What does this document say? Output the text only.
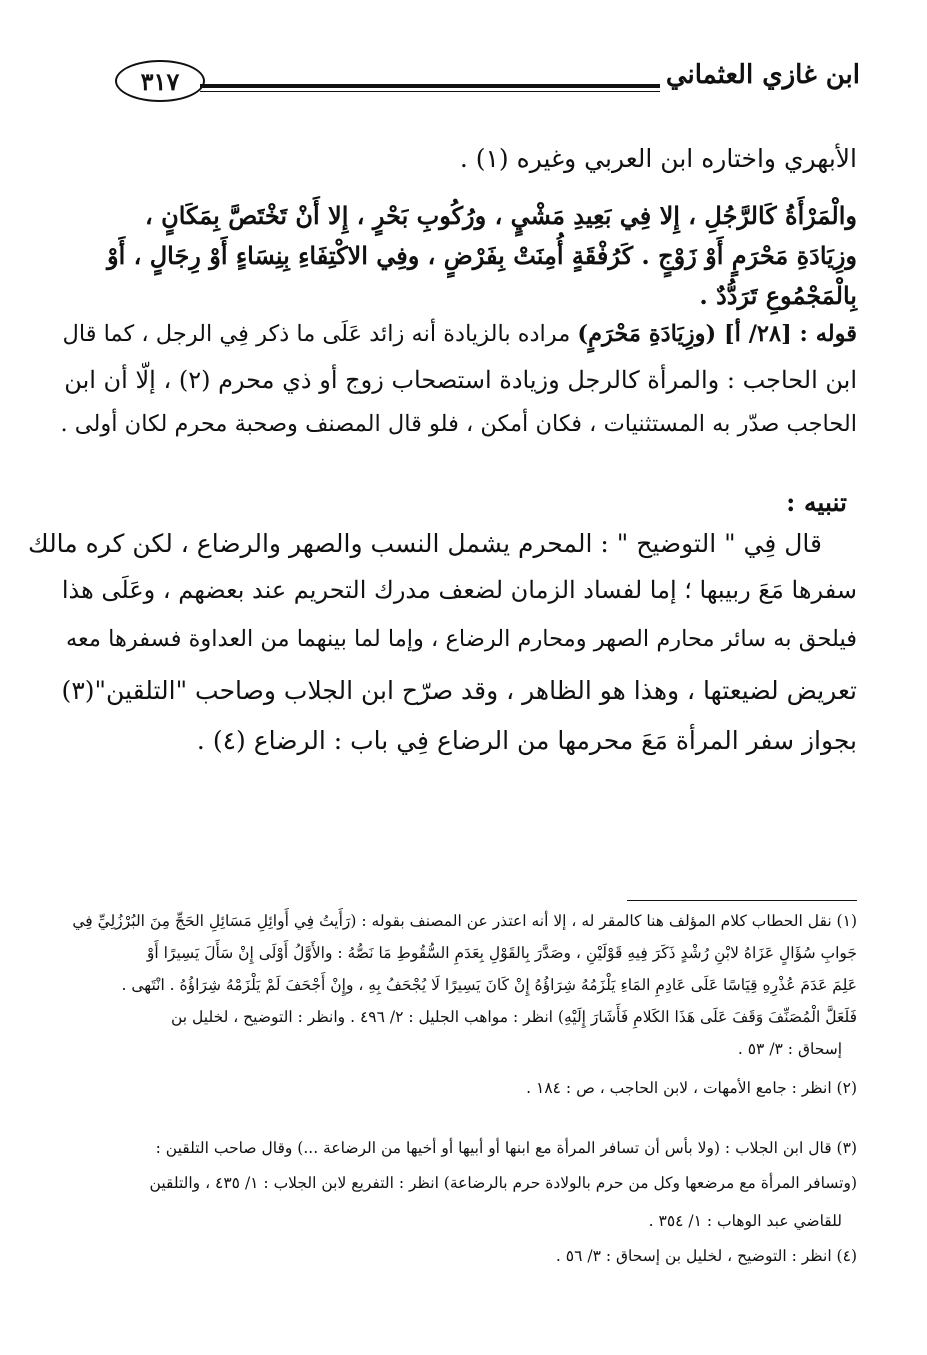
ابن غازي العثماني
٣١٧
الأبهري واختاره ابن العربي وغيره (١) .
والْمَرْأَةُ كَالرَّجُلِ ، إِلا فِي بَعِيدِ مَشْيٍ ، ورُكُوبِ بَحْرٍ ، إِلا أَنْ تَخْتَصَّ بِمَكَانٍ ،
وزِيَادَةِ مَحْرَمٍ أَوْ زَوْجٍ . كَرُفْقَةٍ أُمِنَتْ بِفَرْضٍ ، وفِي الاكْتِفَاءِ بِنِسَاءٍ أَوْ رِجَالٍ ، أَوْ
بِالْمَجْمُوعِ تَرَدُّدٌ .
قوله : [٢٨/ أ] (وزِيَادَةِ مَحْرَمٍ) مراده بالزيادة أنه زائد عَلَى ما ذكر فِي الرجل ، كما قال
ابن الحاجب : والمرأة كالرجل وزيادة استصحاب زوج أو ذي محرم (٢) ، إلّا أن ابن
الحاجب صدّر به المستثنيات ، فكان أمكن ، فلو قال المصنف وصحبة محرم لكان أولى .
تنبيه :
قال فِي " التوضيح " : المحرم يشمل النسب والصهر والرضاع ، لكن كره مالك
سفرها مَعَ ربيبها ؛ إما لفساد الزمان لضعف مدرك التحريم عند بعضهم ، وعَلَى هذا
فيلحق به سائر محارم الصهر ومحارم الرضاع ، وإما لما بينهما من العداوة فسفرها معه
تعريض لضيعتها ، وهذا هو الظاهر ، وقد صرّح ابن الجلاب وصاحب "التلقين"(٣)
بجواز سفر المرأة مَعَ محرمها من الرضاع فِي باب : الرضاع (٤) .
(١) نقل الحطاب كلام المؤلف هنا كالمقر له ، إلا أنه اعتذر عن المصنف بقوله : (رَأَيتُ فِي أَوائِلِ مَسَائِلِ الحَجِّ مِنَ البُرْزُلِيِّ فِي
جَوابِ سُؤَالٍ عَزَاهُ لابْنِ رُشْدٍ ذَكَرَ فِيهِ قَوْلَيْنِ ، وصَدَّرَ بِالقَوْلِ بِعَدَمِ السُّقُوطِ مَا نَصُّهُ : والأَوَّلُ أَوْلَى إِنْ سَأَلَ يَسِيرًا أَوْ
عَلِمَ عَدَمَ عُذْرِهِ قِيَاسًا عَلَى عَادِمِ المَاءِ يَلْزَمُهُ شِرَاؤُهُ إِنْ كَانَ يَسِيرًا لَا يُجْحَفُ بِهِ ، وإِنْ أَجْحَفَ لَمْ يَلْزَمْهُ شِرَاؤُهُ . انْتَهى .
فَلَعَلَّ الْمُصَنِّفَ وَقَفَ عَلَى هَذَا الكَلامِ فَأَشَارَ إِلَيْهِ) انظر : مواهب الجليل : ٢/ ٤٩٦ . وانظر : التوضيح ، لخليل بن
إسحاق : ٣/ ٥٣ .
(٢) انظر : جامع الأمهات ، لابن الحاجب ، ص : ١٨٤ .
(٣) قال ابن الجلاب : (ولا بأس أن تسافر المرأة مع ابنها أو أبيها أو أخيها من الرضاعة ...) وقال صاحب التلقين :
(وتسافر المرأة مع مرضعها وكل من حرم بالولادة حرم بالرضاعة) انظر : التفريع لابن الجلاب : ١/ ٤٣٥ ، والتلقين
للقاضي عبد الوهاب : ١/ ٣٥٤ .
(٤) انظر : التوضيح ، لخليل بن إسحاق : ٣/ ٥٦ .
